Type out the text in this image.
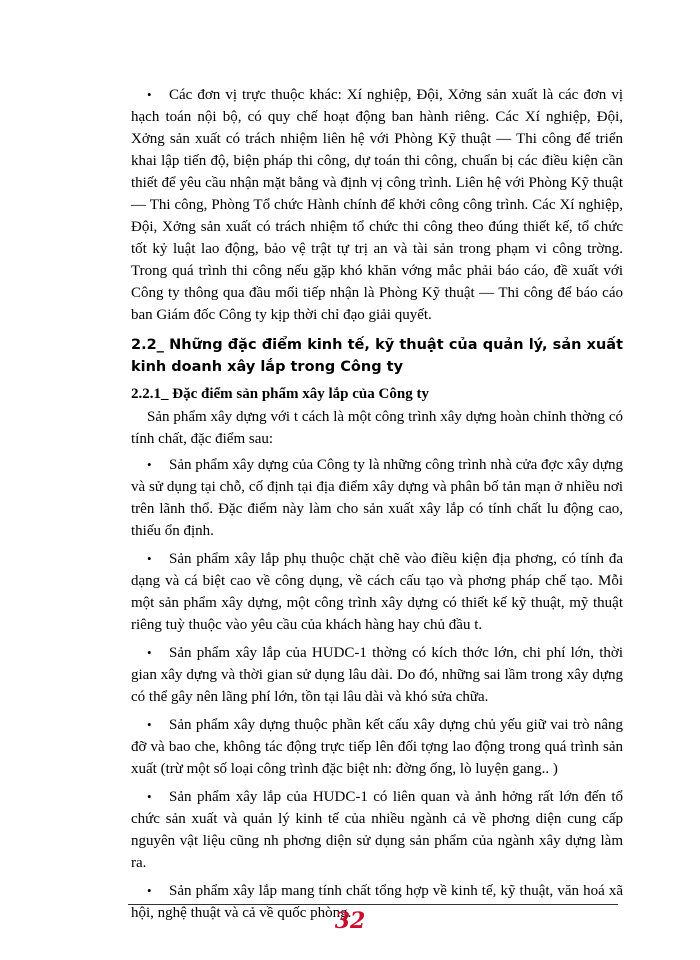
• Các đơn vị trực thuộc khác: Xí nghiệp, Đội, Xởng sản xuất là các đơn vị hạch toán nội bộ, có quy chế hoạt động ban hành riêng. Các Xí nghiệp, Đội, Xởng sản xuất có trách nhiệm liên hệ với Phòng Kỹ thuật — Thi công để triển khai lập tiến độ, biện pháp thi công, dự toán thi công, chuẩn bị các điều kiện cần thiết để yêu cầu nhận mặt bằng và định vị công trình. Liên hệ với Phòng Kỹ thuật — Thi công, Phòng Tổ chức Hành chính để khởi công công trình. Các Xí nghiệp, Đội, Xởng sản xuất có trách nhiệm tổ chức thi công theo đúng thiết kế, tổ chức tốt kỷ luật lao động, bảo vệ trật tự trị an và tài sản trong phạm vi công trờng. Trong quá trình thi công nếu gặp khó khăn vớng mắc phải báo cáo, đề xuất với Công ty thông qua đầu mối tiếp nhận là Phòng Kỹ thuật — Thi công để báo cáo ban Giám đốc Công ty kịp thời chỉ đạo giải quyết.

2.2_ Những đặc điểm kinh tế, kỹ thuật của quản lý, sản xuất kinh doanh xây lắp trong Công ty
2.2.1_ Đặc điểm sản phẩm xây lắp của Công ty

Sản phẩm xây dựng với t cách là một công trình xây dựng hoàn chỉnh thờng có tính chất, đặc điểm sau:

• Sản phẩm xây dựng của Công ty là những công trình nhà cửa đợc xây dựng và sử dụng tại chỗ, cố định tại địa điểm xây dựng và phân bố tản mạn ở nhiều nơi trên lãnh thổ. Đặc điểm này làm cho sản xuất xây lắp có tính chất lu động cao, thiếu ổn định.

• Sản phẩm xây lắp phụ thuộc chặt chẽ vào điều kiện địa phơng, có tính đa dạng và cá biệt cao về công dụng, về cách cấu tạo và phơng pháp chế tạo. Mỗi một sản phẩm xây dựng, một công trình xây dựng có thiết kế kỹ thuật, mỹ thuật riêng tuỳ thuộc vào yêu cầu của khách hàng hay chủ đầu t.

• Sản phẩm xây lắp của HUDC-1 thờng có kích thớc lớn, chi phí lớn, thời gian xây dựng và thời gian sử dụng lâu dài. Do đó, những sai lầm trong xây dựng có thể gây nên lãng phí lớn, tồn tại lâu dài và khó sửa chữa.

• Sản phẩm xây dựng thuộc phần kết cấu xây dựng chủ yếu giữ vai trò nâng đỡ và bao che, không tác động trực tiếp lên đối tợng lao động trong quá trình sản xuất (trừ một số loại công trình đặc biệt nh: đờng ống, lò luyện gang.. )

• Sản phẩm xây lắp của HUDC-1 có liên quan và ảnh hởng rất lớn đến tổ chức sản xuất và quản lý kinh tế của nhiều ngành cả về phơng diện cung cấp nguyên vật liệu cũng nh phơng diện sử dụng sản phẩm của ngành xây dựng làm ra.

• Sản phẩm xây lắp mang tính chất tổng hợp về kinh tế, kỹ thuật, văn hoá xã hội, nghệ thuật và cả về quốc phòng.

32
